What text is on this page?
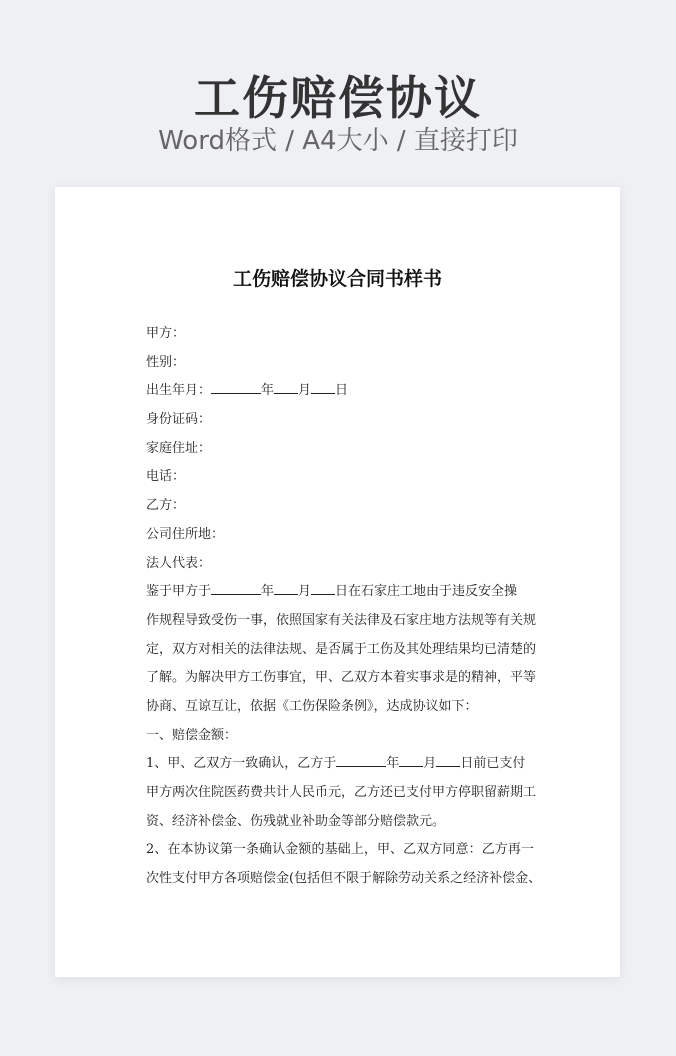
工伤赔偿协议
Word格式 / A4大小 / 直接打印
工伤赔偿协议合同书样书
甲方：
性别：
出生年月：	年 月 日
身份证码：
家庭住址：
电话：
乙方：
公司住所地：
法人代表：
鉴于甲方于	年 月 日在石家庄工地由于违反安全操
作规程导致受伤一事，依照国家有关法律及石家庄地方法规等有关规
定，双方对相关的法律法规、是否属于工伤及其处理结果均已清楚的
了解。为解决甲方工伤事宜，甲、乙双方本着实事求是的精神，平等
协商、互谅互让，依据《工伤保险条例》，达成协议如下：
一、赔偿金额：
1、甲、乙双方一致确认，乙方于	年 月 日前已支付
甲方两次住院医药费共计人民币元，乙方还已支付甲方停职留薪期工
资、经济补偿金、伤残就业补助金等部分赔偿款元。
2、在本协议第一条确认金额的基础上，甲、乙双方同意：乙方再一
次性支付甲方各项赔偿金(包括但不限于解除劳动关系之经济补偿金、
